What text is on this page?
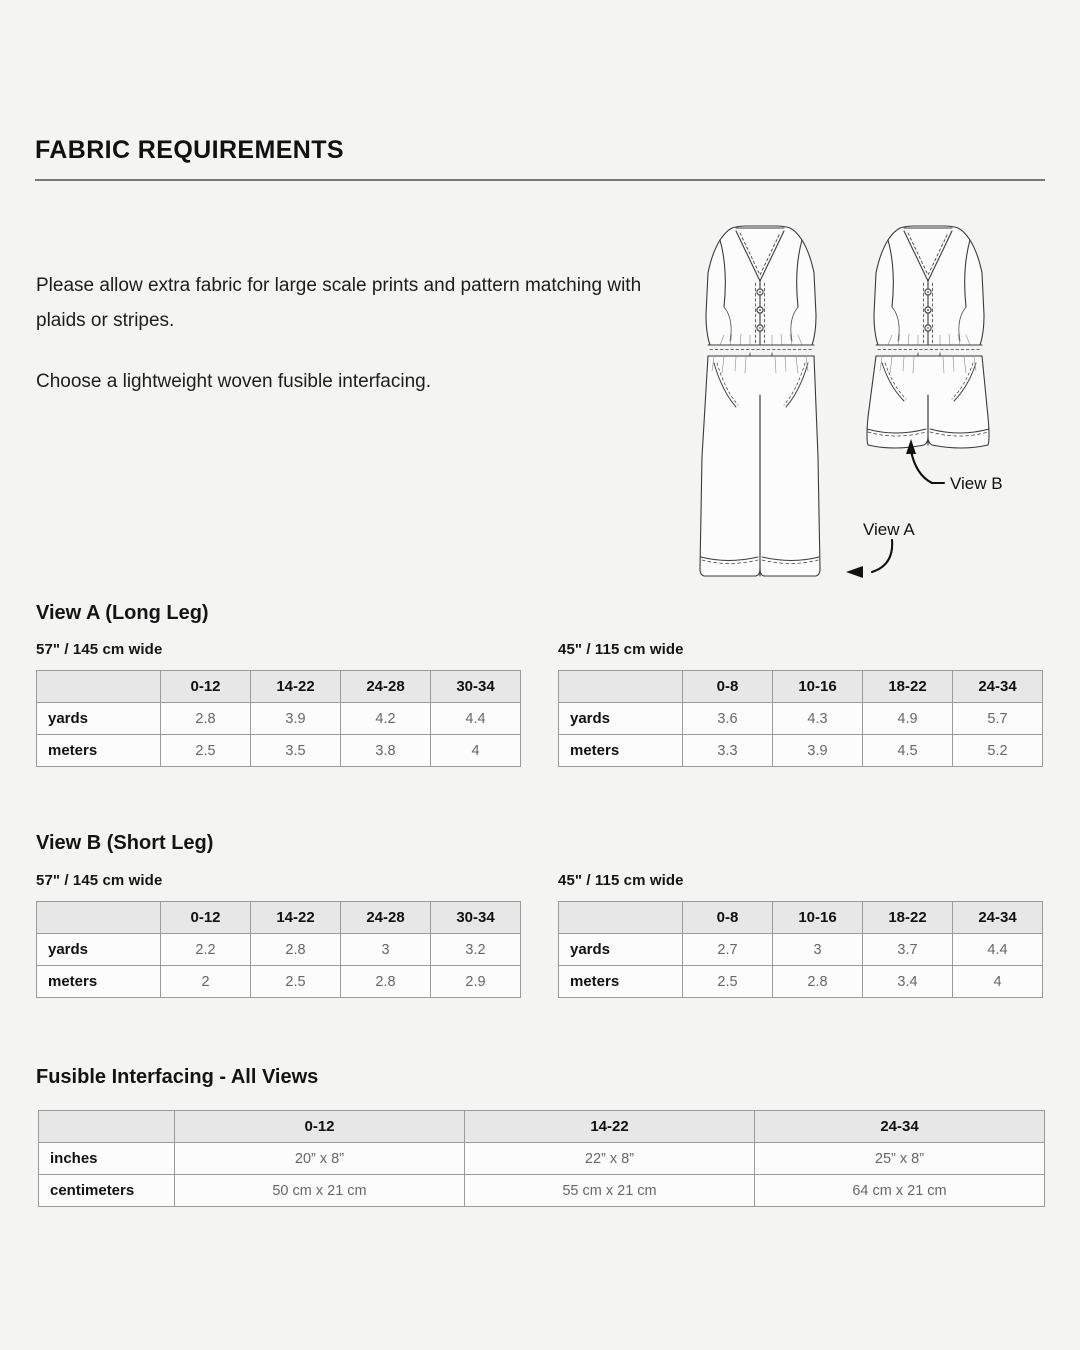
FABRIC REQUIREMENTS

Please allow extra fabric for large scale prints and pattern matching with plaids or stripes.

Choose a lightweight woven fusible interfacing.

View B
View A
View A (Long Leg)
57" / 145 cm wide
	0-12	14-22	24-28	30-34
yards	2.8	3.9	4.2	4.4
meters	2.5	3.5	3.8	4
45" / 115 cm wide
	0-8	10-16	18-22	24-34
yards	3.6	4.3	4.9	5.7
meters	3.3	3.9	4.5	5.2
View B (Short Leg)
57" / 145 cm wide
	0-12	14-22	24-28	30-34
yards	2.2	2.8	3	3.2
meters	2	2.5	2.8	2.9
45" / 115 cm wide
	0-8	10-16	18-22	24-34
yards	2.7	3	3.7	4.4
meters	2.5	2.8	3.4	4
Fusible Interfacing - All Views
	0-12	14-22	24-34
inches	20” x 8”	22” x 8”	25” x 8”
centimeters	50 cm x 21 cm	55 cm x 21 cm	64 cm x 21 cm
